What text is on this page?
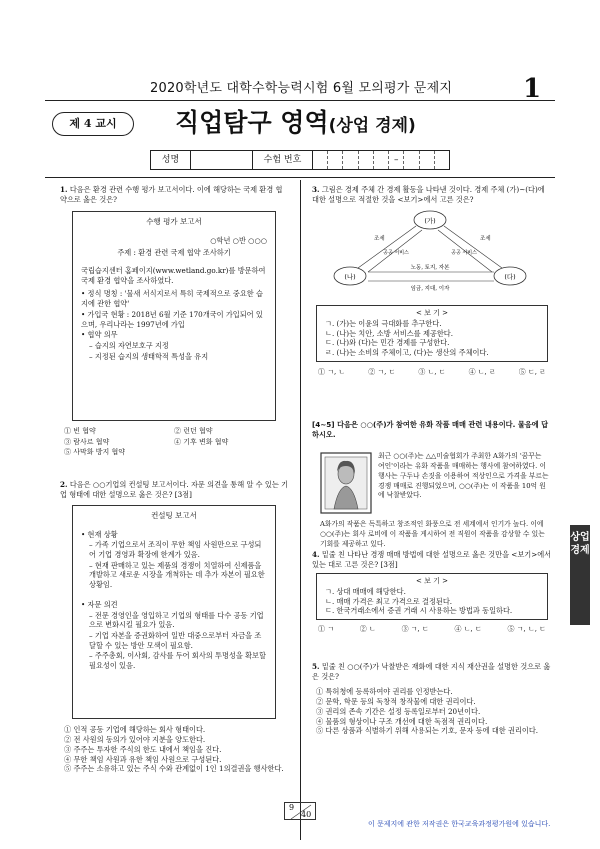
2020학년도 대학수학능력시험 6월 모의평가 문제지	1
제 4 교시	직업탐구 영역(상업 경제)
성명	수험 번호	–
1. 다음은 환경 관련 수행 평가 보고서이다. 이에 해당하는 국제 환경 협약으로 옳은 것은?
수행 평가 보고서
○학년 ○반 ○○○
주제 : 환경 관련 국제 협약 조사하기
국립습지센터 홈페이지(www.wetland.go.kr)를 방문하여 국제 환경 협약을 조사하였다.
• 정식 명칭 : '물새 서식지로서 특히 국제적으로 중요한 습지에 관한 협약'
• 가입국 현황 : 2018년 6월 기준 170개국이 가입되어 있으며, 우리나라는 1997년에 가입
• 협약 의무
– 습지의 자연보호구 지정
– 지정된 습지의 생태학적 특성을 유지
① 빈 협약	② 런던 협약
③ 람사르 협약	④ 기후 변화 협약
⑤ 사막화 방지 협약
2. 다음은 ○○기업의 컨설팅 보고서이다. 자문 의견을 통해 알 수 있는 기업 형태에 대한 설명으로 옳은 것은? [3점]
컨설팅 보고서
• 현재 상황
– 가족 기업으로서 조직이 무한 책임 사원만으로 구성되어 기업 경영과 확장에 한계가 있음.
– 현재 판매하고 있는 제품의 경쟁이 치열하여 신제품을 개발하고 새로운 시장을 개척하는 데 추가 자본이 필요한 상황임.
• 자문 의견
– 전문 경영인을 영입하고 기업의 형태를 다수 공동 기업으로 변화시킬 필요가 있음.
– 기업 자본을 증권화하여 일반 대중으로부터 자금을 조달할 수 있는 방안 모색이 필요함.
– 주주총회, 이사회, 감사를 두어 회사의 투명성을 확보할 필요성이 있음.
① 인적 공동 기업에 해당하는 회사 형태이다.
② 전 사원의 동의가 있어야 지분을 양도한다.
③ 주주는 투자한 주식의 한도 내에서 책임을 진다.
④ 무한 책임 사원과 유한 책임 사원으로 구성된다.
⑤ 주주는 소유하고 있는 주식 수와 관계없이 1인 1의결권을 행사한다.
3. 그림은 경제 주체 간 경제 활동을 나타낸 것이다. 경제 주체 (가)~(다)에 대한 설명으로 적절한 것을 <보기>에서 고른 것은?
(가)
(나)	(다)
조세
공공 서비스	공공 서비스
조세
노동, 토지, 자본
임금, 지대, 이자
< 보 기 >
ㄱ. (가)는 이윤의 극대화를 추구한다.
ㄴ. (나)는 치안, 소방 서비스를 제공한다.
ㄷ. (나)와 (다)는 민간 경제를 구성한다.
ㄹ. (나)는 소비의 주체이고, (다)는 생산의 주체이다.
① ㄱ, ㄴ	② ㄱ, ㄷ	③ ㄴ, ㄷ	④ ㄴ, ㄹ	⑤ ㄷ, ㄹ
[4~5] 다음은 ○○(주)가 참여한 유화 작품 매매 관련 내용이다. 물음에 답하시오.
최근 ○○(주)는 △△미술협회가 주최한 A화가의 '꿈꾸는 여인'이라는 유화 작품을 매매하는 행사에 참여하였다. 이 행사는 구두나 손짓을 이용하여 적상인으로 가격을 부르는 경쟁 매매로 진행되었으며, ○○(주)는 이 작품을 10억 원에 낙찰받았다.
A화가의 작품은 독특하고 창조적인 화풍으로 전 세계에서 인기가 높다. 이에 ○○(주)는 회사 로비에 이 작품을 게시하여 전 직원이 작품을 감상할 수 있는 기회를 제공하고 있다.
4. 밑줄 친 나타난 경쟁 매매 방법에 대한 설명으로 옳은 것만을 <보기>에서 있는 대로 고른 것은? [3점]
< 보 기 >
ㄱ. 상대 매매에 해당한다.
ㄴ. 매매 가격은 최고 가격으로 결정된다.
ㄷ. 한국거래소에서 증권 거래 시 사용하는 방법과 동일하다.
① ㄱ	② ㄴ	③ ㄱ, ㄷ	④ ㄴ, ㄷ	⑤ ㄱ, ㄴ, ㄷ
5. 밑줄 친 ○○(주)가 낙찰받은 재화에 대한 지식 재산권을 설명한 것으로 옳은 것은?
① 특허청에 등록하여야 권리를 인정받는다.
② 문학, 학문 등의 독창적 창작물에 대한 권리이다.
③ 권리의 존속 기간은 설정 등록일로부터 20년이다.
④ 물품의 형상이나 구조 개선에 대한 독점적 권리이다.
⑤ 다른 상품과 식별하기 위해 사용되는 기호, 문자 등에 대한 권리이다.
상업 경제
9
40
이 문제지에 관한 저작권은 한국교육과정평가원에 있습니다.
